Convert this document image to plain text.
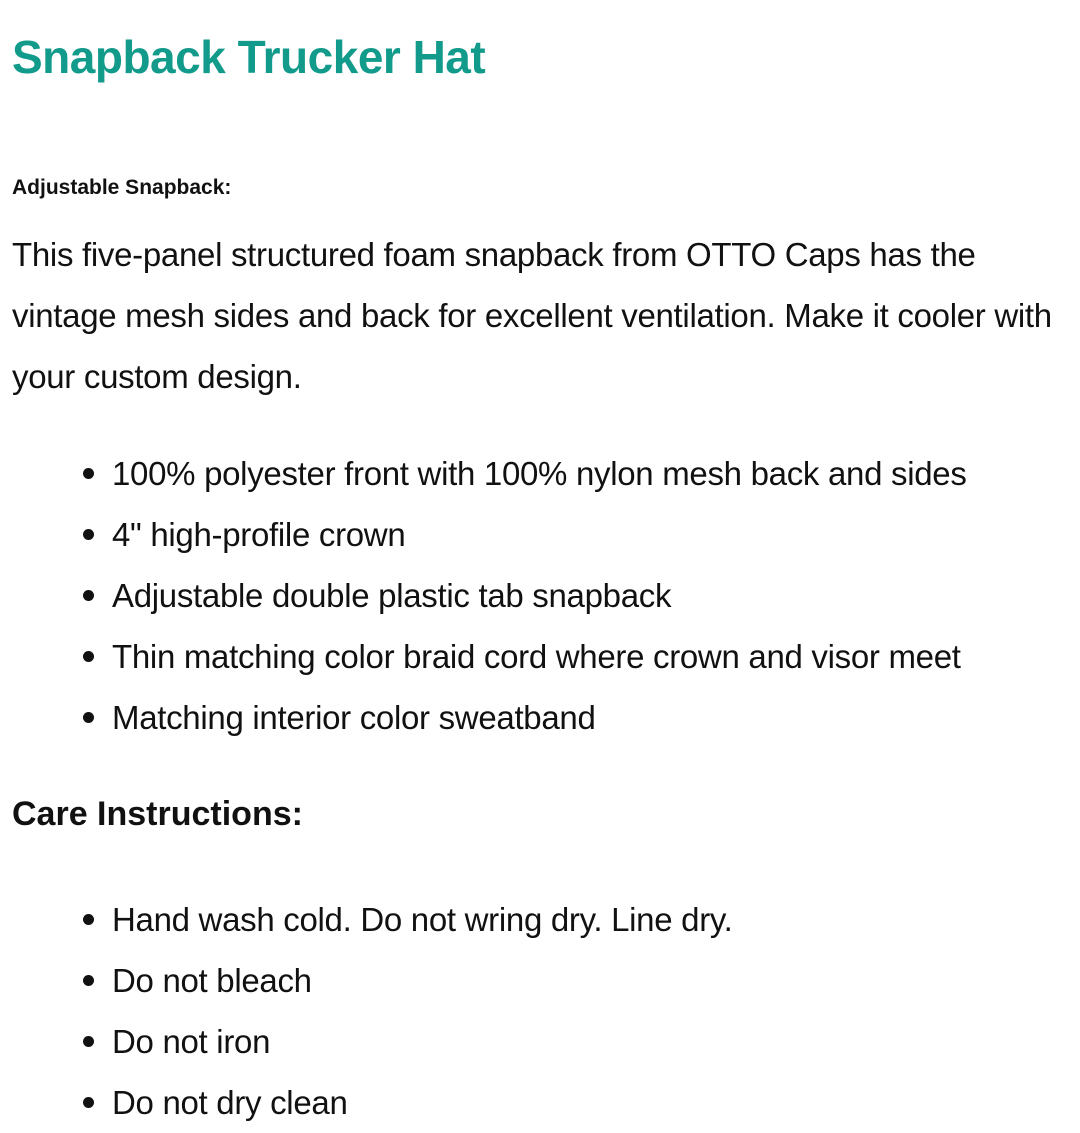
Snapback Trucker Hat
Adjustable Snapback:

This five-panel structured foam snapback from OTTO Caps has the vintage mesh sides and back for excellent ventilation. Make it cooler with your custom design.

100% polyester front with 100% nylon mesh back and sides
4" high-profile crown
Adjustable double plastic tab snapback
Thin matching color braid cord where crown and visor meet
Matching interior color sweatband
Care Instructions:
Hand wash cold. Do not wring dry. Line dry.
Do not bleach
Do not iron
Do not dry clean
